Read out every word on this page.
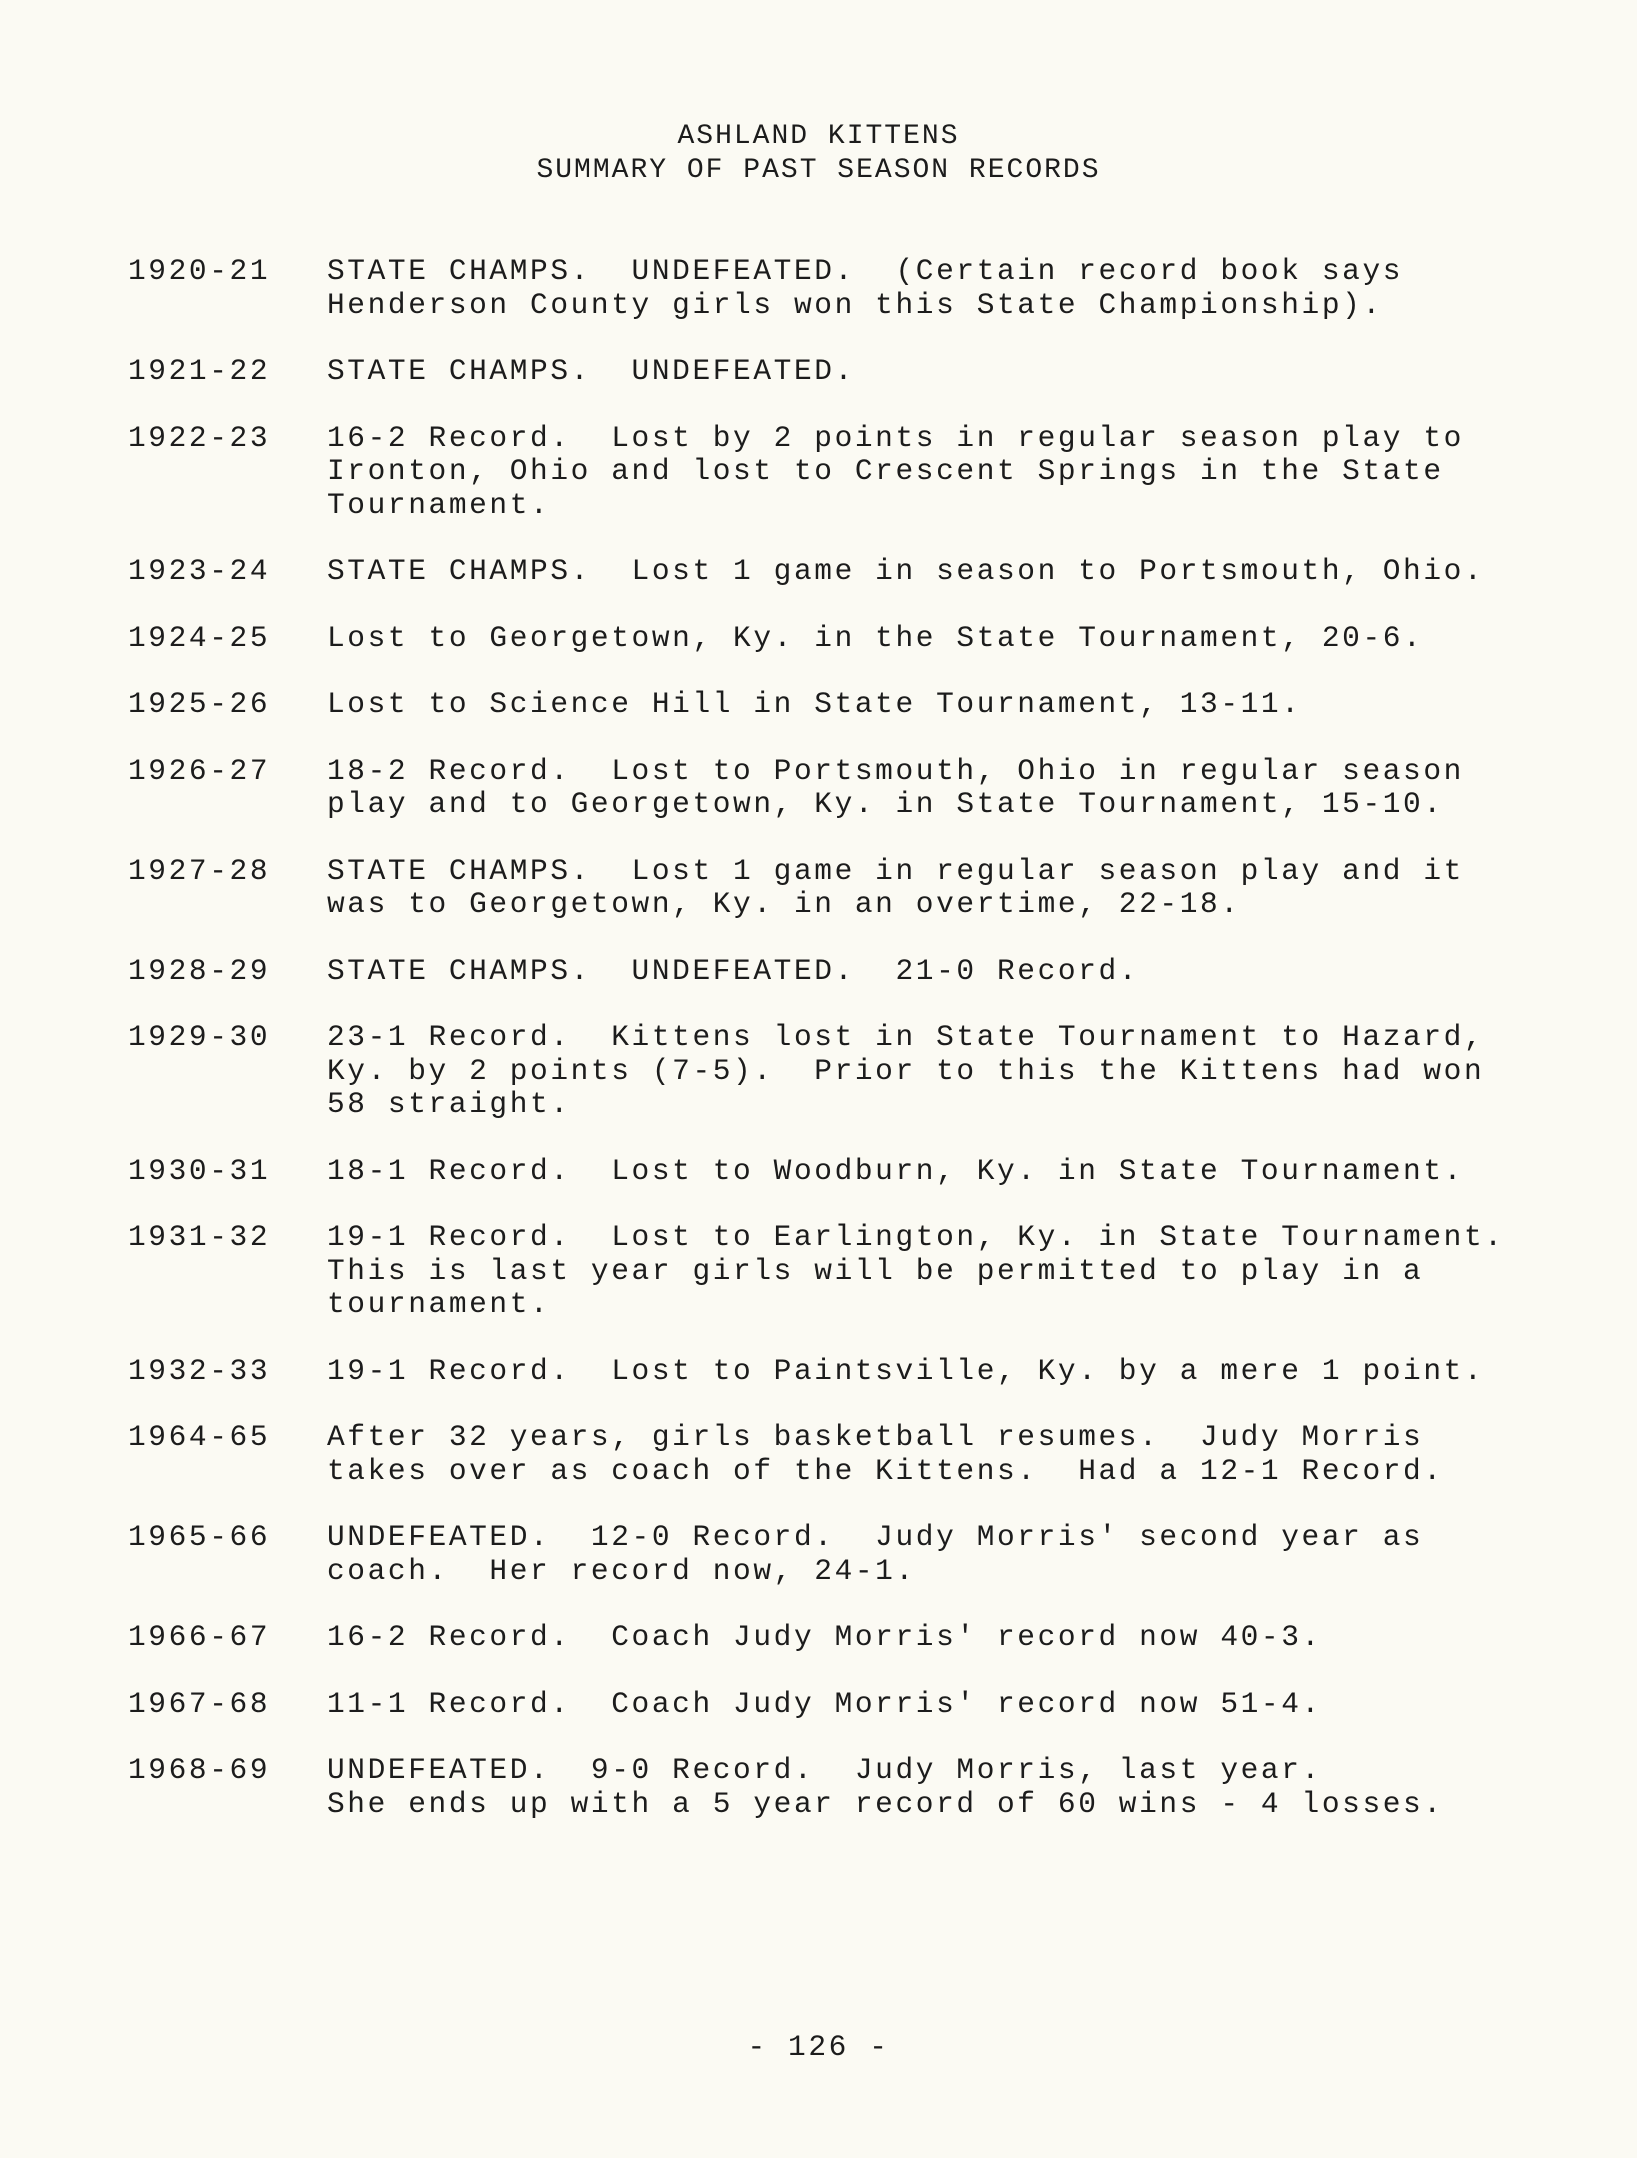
ASHLAND KITTENS
SUMMARY OF PAST SEASON RECORDS
1920-21	STATE CHAMPS.  UNDEFEATED.  (Certain record book says
Henderson County girls won this State Championship).
1921-22	STATE CHAMPS.  UNDEFEATED.
1922-23	16-2 Record.  Lost by 2 points in regular season play to
Ironton, Ohio and lost to Crescent Springs in the State
Tournament.
1923-24	STATE CHAMPS.  Lost 1 game in season to Portsmouth, Ohio.
1924-25	Lost to Georgetown, Ky. in the State Tournament, 20-6.
1925-26	Lost to Science Hill in State Tournament, 13-11.
1926-27	18-2 Record.  Lost to Portsmouth, Ohio in regular season
play and to Georgetown, Ky. in State Tournament, 15-10.
1927-28	STATE CHAMPS.  Lost 1 game in regular season play and it
was to Georgetown, Ky. in an overtime, 22-18.
1928-29	STATE CHAMPS.  UNDEFEATED.  21-0 Record.
1929-30	23-1 Record.  Kittens lost in State Tournament to Hazard,
Ky. by 2 points (7-5).  Prior to this the Kittens had won
58 straight.
1930-31	18-1 Record.  Lost to Woodburn, Ky. in State Tournament.
1931-32	19-1 Record.  Lost to Earlington, Ky. in State Tournament.
This is last year girls will be permitted to play in a
tournament.
1932-33	19-1 Record.  Lost to Paintsville, Ky. by a mere 1 point.
1964-65	After 32 years, girls basketball resumes.  Judy Morris
takes over as coach of the Kittens.  Had a 12-1 Record.
1965-66	UNDEFEATED.  12-0 Record.  Judy Morris' second year as
coach.  Her record now, 24-1.
1966-67	16-2 Record.  Coach Judy Morris' record now 40-3.
1967-68	11-1 Record.  Coach Judy Morris' record now 51-4.
1968-69	UNDEFEATED.  9-0 Record.  Judy Morris, last year.
She ends up with a 5 year record of 60 wins - 4 losses.
- 126 -
